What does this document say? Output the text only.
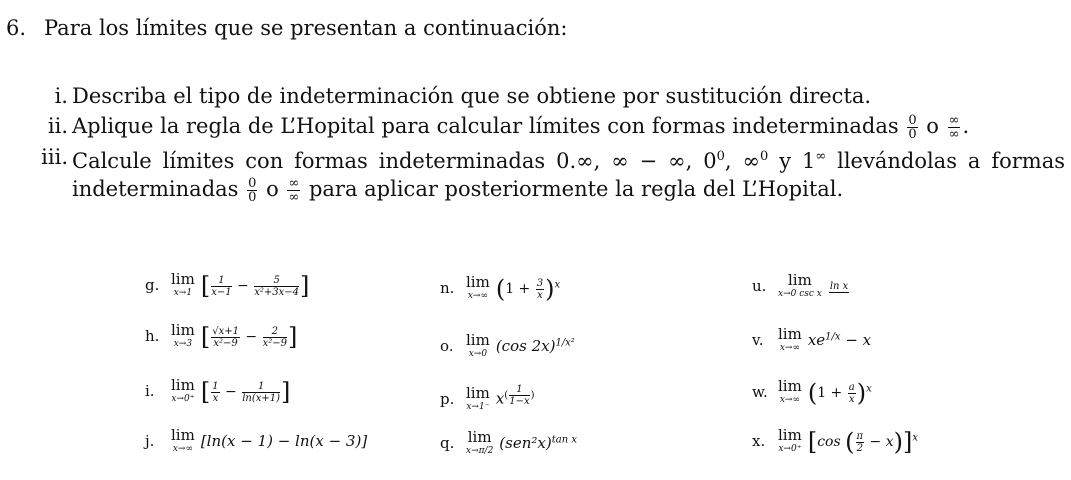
6. Para los límites que se presentan a continuación:
i. Describa el tipo de indeterminación que se obtiene por sustitución directa.
ii. Aplique la regla de L’Hopital para calcular límites con formas indeterminadas $\frac{0}{0}$ o $\frac{\infty}{\infty}$ .
iii. Calcule límites con formas indeterminadas 0.∞, ∞ − ∞, $0^0$, ∞$^0$ y 1∞ llevándolas a formas
indeterminadas $\frac{0}{0}$ o $\frac{\infty}{\infty}$ para aplicar posteriormente la regla del L’Hopital.
g. lim
x→1 [ $\frac{1}{x-1} - \frac{5}{\text{x²+3x−4}}$ ]
h. lim
x→3 [ $\frac{√x+1}{\text{x²−9}} - \frac{2}{\text{x²−9}}$ ]
i. lim
x→0⁺ [ $\frac{1}{x} - \frac{1}{\ln(x+1)}$ ]
j. lim
x→∞ [ln(x − 1) − ln(x − 3)]
n. lim
x→∞ $(1 + \frac{3}{x} )^x$
o. lim
x→0 (cos 2x)$^{1/x^2}$
p. lim
x→1⁻ $x^{( \frac{1}{1-x} )}$
q. lim
x→π/2 $(sen^2x)^{tan x}$
u.	lim
x→0 csc x
ln x
v. lim
x→∞ $xe^{1/x} - x$
w. lim
x→∞ $(1 + \frac{a}{x} )^x$
x. lim
x→0⁺ [cos ( $\frac{\pi}{2} - x)]^x$
